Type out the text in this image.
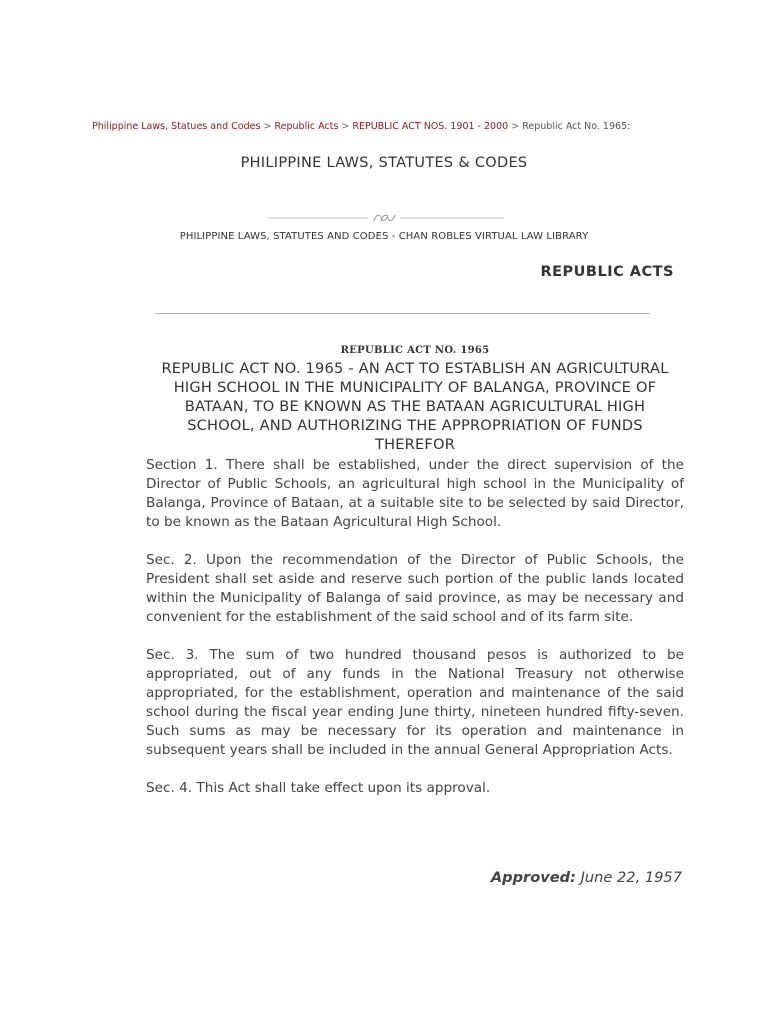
Philippine Laws, Statues and Codes > Republic Acts > REPUBLIC ACT NOS. 1901 - 2000 > Republic Act No. 1965:
PHILIPPINE LAWS, STATUTES & CODES
PHILIPPINE LAWS, STATUTES AND CODES - CHAN ROBLES VIRTUAL LAW LIBRARY
REPUBLIC ACTS
REPUBLIC ACT NO. 1965
REPUBLIC ACT NO. 1965 - AN ACT TO ESTABLISH AN AGRICULTURAL HIGH SCHOOL IN THE MUNICIPALITY OF BALANGA, PROVINCE OF BATAAN, TO BE KNOWN AS THE BATAAN AGRICULTURAL HIGH SCHOOL, AND AUTHORIZING THE APPROPRIATION OF FUNDS THEREFOR

Section 1. There shall be established, under the direct supervision of the Director of Public Schools, an agricultural high school in the Municipality of Balanga, Province of Bataan, at a suitable site to be selected by said Director, to be known as the Bataan Agricultural High School.

Sec. 2. Upon the recommendation of the Director of Public Schools, the President shall set aside and reserve such portion of the public lands located within the Municipality of Balanga of said province, as may be necessary and convenient for the establishment of the said school and of its farm site.

Sec. 3. The sum of two hundred thousand pesos is authorized to be appropriated, out of any funds in the National Treasury not otherwise appropriated, for the establishment, operation and maintenance of the said school during the fiscal year ending June thirty, nineteen hundred fifty-seven. Such sums as may be necessary for its operation and maintenance in subsequent years shall be included in the annual General Appropriation Acts.

Sec. 4. This Act shall take effect upon its approval.

Approved: June 22, 1957
